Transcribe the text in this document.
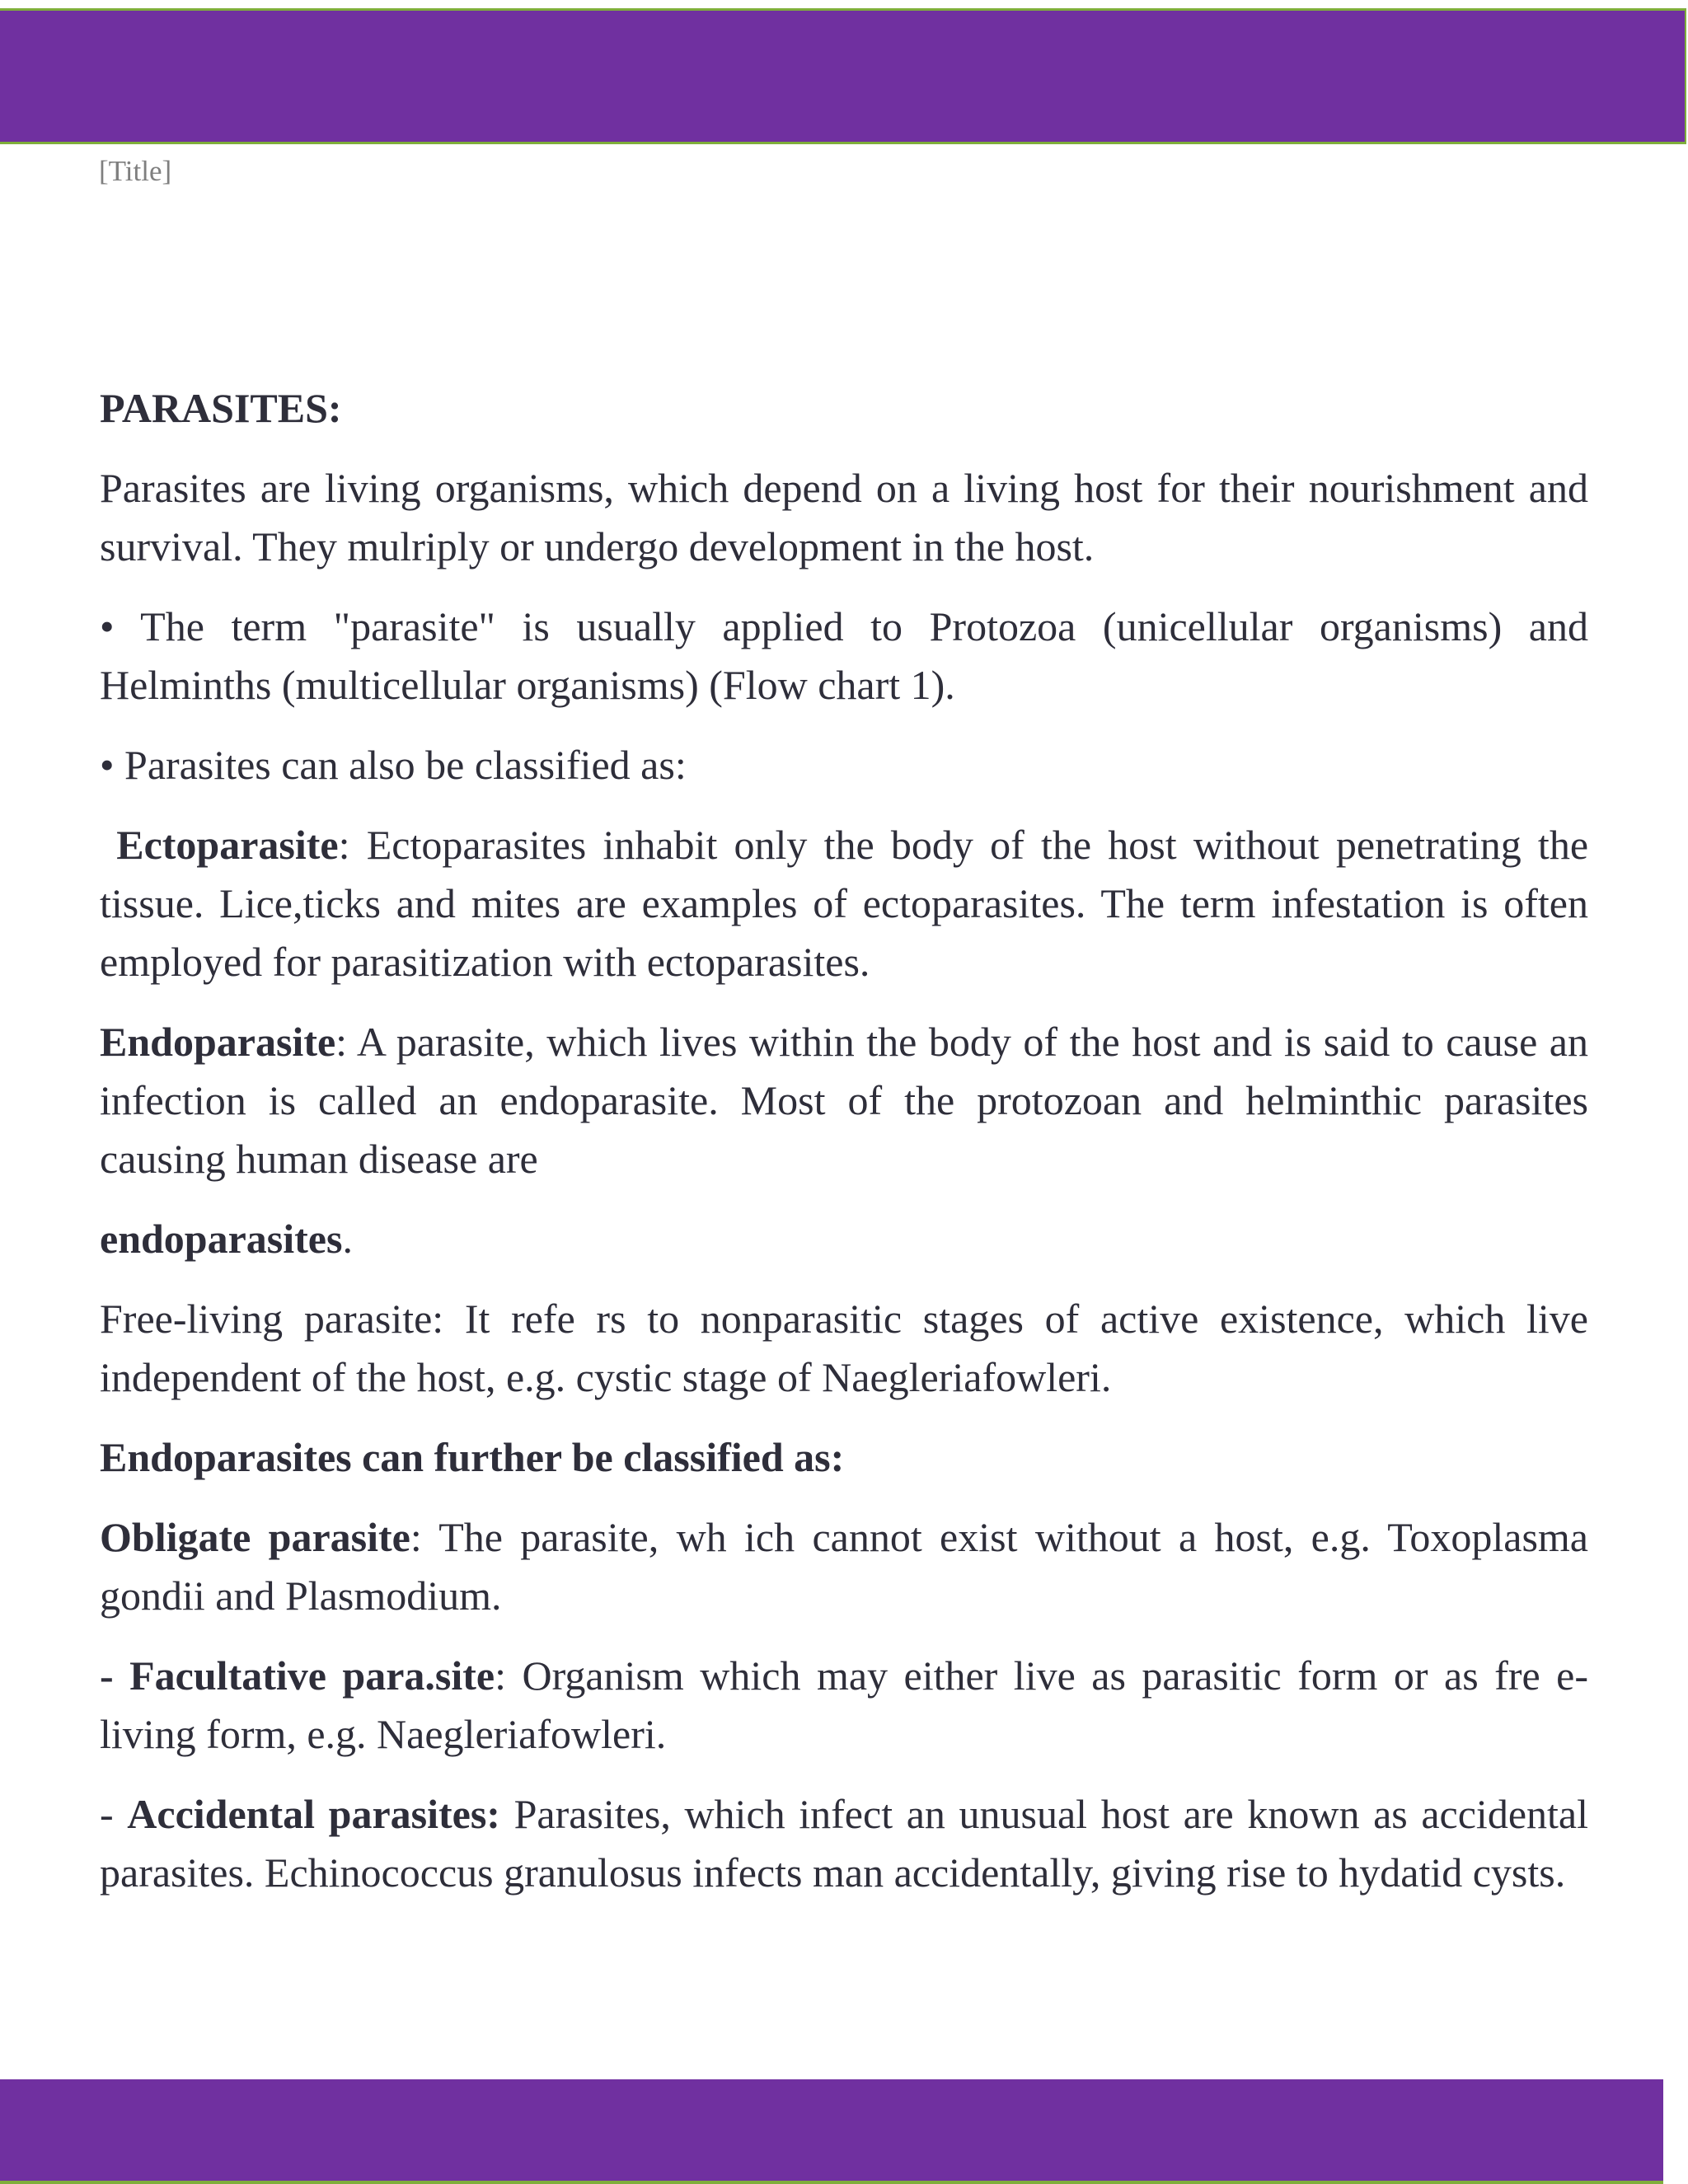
[Title]

PARASITES:

Parasites are living organisms, which depend on a living host for their nourishment and survival. They mulriply or undergo development in the host.

• The term "parasite" is usually applied to Protozoa (unicellular organisms) and Helminths (multicellular organisms) (Flow chart 1).

• Parasites can also be classified as:

Ectoparasite: Ectoparasites inhabit only the body of the host without penetrating the tissue. Lice,ticks and mites are examples of ectoparasites. The term infestation is often employed for parasitization with ectoparasites.

Endoparasite: A parasite, which lives within the body of the host and is said to cause an infection is called an endoparasite. Most of the protozoan and helminthic parasites causing human disease are

endoparasites.

Free-living parasite: It refe rs to nonparasitic stages of active existence, which live independent of the host, e.g. cystic stage of Naegleriafowleri.

Endoparasites can further be classified as:

Obligate parasite: The parasite, wh ich cannot exist without a host, e.g. Toxoplasma gondii and Plasmodium.

- Facultative para.site: Organism which may either live as parasitic form or as fre e-living form, e.g. Naegleriafowleri.

- Accidental parasites: Parasites, which infect an unusual host are known as accidental parasites. Echinococcus granulosus infects man accidentally, giving rise to hydatid cysts.
